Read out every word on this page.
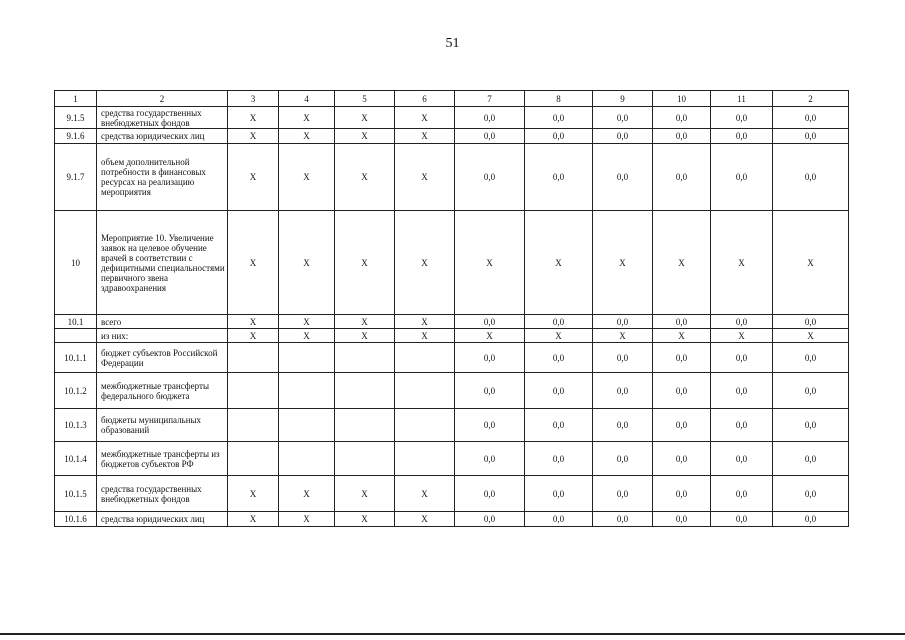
51
1	2	3	4	5	6	7	8	9	10	11	2
9.1.5	средства государственных внебюджетных фондов	X	X	X	X	0,0	0,0	0,0	0,0	0,0	0,0
9.1.6	средства юридических лиц	X	X	X	X	0,0	0,0	0,0	0,0	0,0	0,0
9.1.7	объем дополнительной потребности в финансовых ресурсах на реализацию мероприятия	X	X	X	X	0,0	0,0	0,0	0,0	0,0	0,0
10	Мероприятие 10. Увеличение заявок на целевое обучение врачей в соответствии с дефицитными специальностями первичного звена здравоохранения	X	X	X	X	X	X	X	X	X	X
10.1	всего	X	X	X	X	0,0	0,0	0,0	0,0	0,0	0,0
	из них:	X	X	X	X	X	X	X	X	X	X
10.1.1	бюджет субъектов Российской Федерации					0,0	0,0	0,0	0,0	0,0	0,0
10.1.2	межбюджетные трансферты федерального бюджета					0,0	0,0	0,0	0,0	0,0	0,0
10.1.3	бюджеты муниципальных образований					0,0	0,0	0,0	0,0	0,0	0,0
10.1.4	межбюджетные трансферты из бюджетов субъектов РФ					0,0	0,0	0,0	0,0	0,0	0,0
10.1.5	средства государственных внебюджетных фондов	X	X	X	X	0,0	0,0	0,0	0,0	0,0	0,0
10.1.6	средства юридических лиц	X	X	X	X	0,0	0,0	0,0	0,0	0,0	0,0
